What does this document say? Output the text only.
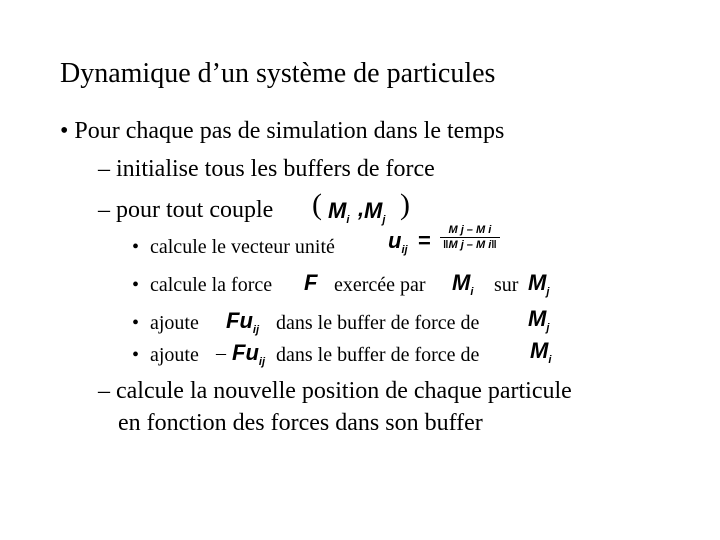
Dynamique d’un système de particules
• Pour chaque pas de simulation dans le temps
– initialise tous les buffers de force
– pour tout couple ( $M_i$ , $M_j$ )
• calcule le vecteur unité $u_{ij} = M$ j – M i
‖M j – M i‖
• calcule la force F exercée par $M_i$ sur $M_j$
• ajoute $Fu_{ij}$ dans le buffer de force de $M_j$
• ajoute – $Fu_{ij}$ dans le buffer de force de $M_i$
– calcule la nouvelle position de chaque particule
en fonction des forces dans son buffer
